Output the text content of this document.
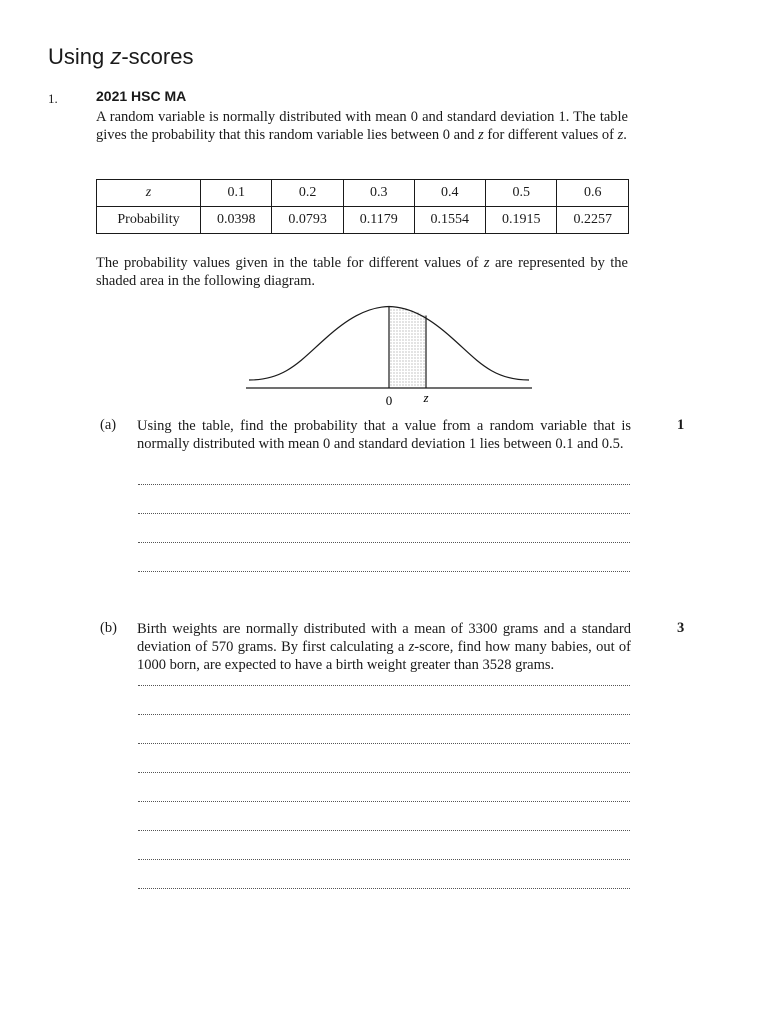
Using z-scores
1.	2021 HSC MA
A random variable is normally distributed with mean 0 and standard deviation 1. The table gives the probability that this random variable lies between 0 and z for different values of z.
z	0.1	0.2	0.3	0.4	0.5	0.6
Probability	0.0398	0.0793	0.1179	0.1554	0.1915	0.2257
The probability values given in the table for different values of z are represented by the shaded area in the following diagram.
0 z
(a) Using the table, find the probability that a value from a random variable that is normally distributed with mean 0 and standard deviation 1 lies between 0.1 and 0.5.
1
(b) Birth weights are normally distributed with a mean of 3300 grams and a standard deviation of 570 grams. By first calculating a z-score, find how many babies, out of 1000 born, are expected to have a birth weight greater than 3528 grams.
3
